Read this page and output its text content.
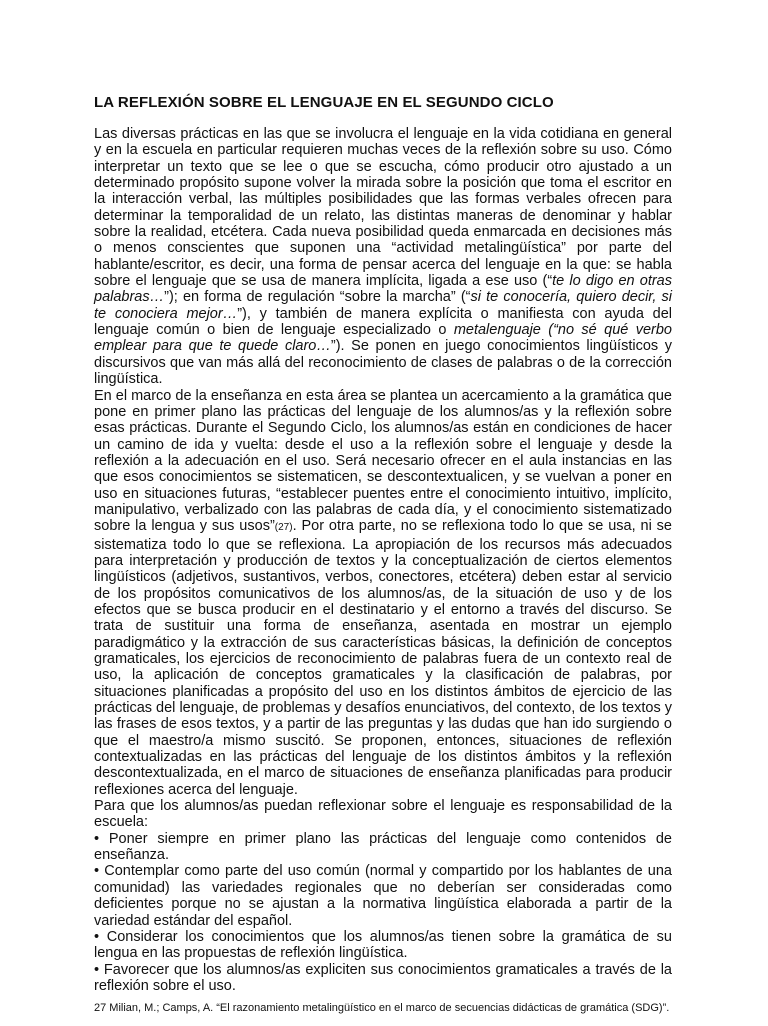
LA REFLEXIÓN SOBRE EL LENGUAJE EN EL SEGUNDO CICLO

Las diversas prácticas en las que se involucra el lenguaje en la vida cotidiana en general y en la escuela en particular requieren muchas veces de la reflexión sobre su uso. Cómo interpretar un texto que se lee o que se escucha, cómo producir otro ajustado a un determinado propósito supone volver la mirada sobre la posición que toma el escritor en la interacción verbal, las múltiples posibilidades que las formas verbales ofrecen para determinar la temporalidad de un relato, las distintas maneras de denominar y hablar sobre la realidad, etcétera. Cada nueva posibilidad queda enmarcada en decisiones más o menos conscientes que suponen una “actividad metalingüística” por parte del hablante/escritor, es decir, una forma de pensar acerca del lenguaje en la que: se habla sobre el lenguaje que se usa de manera implícita, ligada a ese uso (“te lo digo en otras palabras…”); en forma de regulación “sobre la marcha” (“si te conocería, quiero decir, si te conociera mejor…”), y también de manera explícita o manifiesta con ayuda del lenguaje común o bien de lenguaje especializado o metalenguaje (“no sé qué verbo emplear para que te quede claro…”). Se ponen en juego conocimientos lingüísticos y discursivos que van más allá del reconocimiento de clases de palabras o de la corrección lingüística.

En el marco de la enseñanza en esta área se plantea un acercamiento a la gramática que pone en primer plano las prácticas del lenguaje de los alumnos/as y la reflexión sobre esas prácticas. Durante el Segundo Ciclo, los alumnos/as están en condiciones de hacer un camino de ida y vuelta: desde el uso a la reflexión sobre el lenguaje y desde la reflexión a la adecuación en el uso. Será necesario ofrecer en el aula instancias en las que esos conocimientos se sistematicen, se descontextualicen, y se vuelvan a poner en uso en situaciones futuras, “establecer puentes entre el conocimiento intuitivo, implícito, manipulativo, verbalizado con las palabras de cada día, y el conocimiento sistematizado sobre la lengua y sus usos”(27). Por otra parte, no se reflexiona todo lo que se usa, ni se sistematiza todo lo que se reflexiona. La apropiación de los recursos más adecuados para interpretación y producción de textos y la conceptualización de ciertos elementos lingüísticos (adjetivos, sustantivos, verbos, conectores, etcétera) deben estar al servicio de los propósitos comunicativos de los alumnos/as, de la situación de uso y de los efectos que se busca producir en el destinatario y el entorno a través del discurso. Se trata de sustituir una forma de enseñanza, asentada en mostrar un ejemplo paradigmático y la extracción de sus características básicas, la definición de conceptos gramaticales, los ejercicios de reconocimiento de palabras fuera de un contexto real de uso, la aplicación de conceptos gramaticales y la clasificación de palabras, por situaciones planificadas a propósito del uso en los distintos ámbitos de ejercicio de las prácticas del lenguaje, de problemas y desafíos enunciativos, del contexto, de los textos y las frases de esos textos, y a partir de las preguntas y las dudas que han ido surgiendo o que el maestro/a mismo suscitó. Se proponen, entonces, situaciones de reflexión contextualizadas en las prácticas del lenguaje de los distintos ámbitos y la reflexión descontextualizada, en el marco de situaciones de enseñanza planificadas para producir reflexiones acerca del lenguaje.

Para que los alumnos/as puedan reflexionar sobre el lenguaje es responsabilidad de la escuela:

• Poner siempre en primer plano las prácticas del lenguaje como contenidos de enseñanza.

• Contemplar como parte del uso común (normal y compartido por los hablantes de una comunidad) las variedades regionales que no deberían ser consideradas como deficientes porque no se ajustan a la normativa lingüística elaborada a partir de la variedad estándar del español.

• Considerar los conocimientos que los alumnos/as tienen sobre la gramática de su lengua en las propuestas de reflexión lingüística.

• Favorecer que los alumnos/as expliciten sus conocimientos gramaticales a través de la reflexión sobre el uso.

27 Milian, M.; Camps, A. “El razonamiento metalingüístico en el marco de secuencias didácticas de gramática (SDG)”.
